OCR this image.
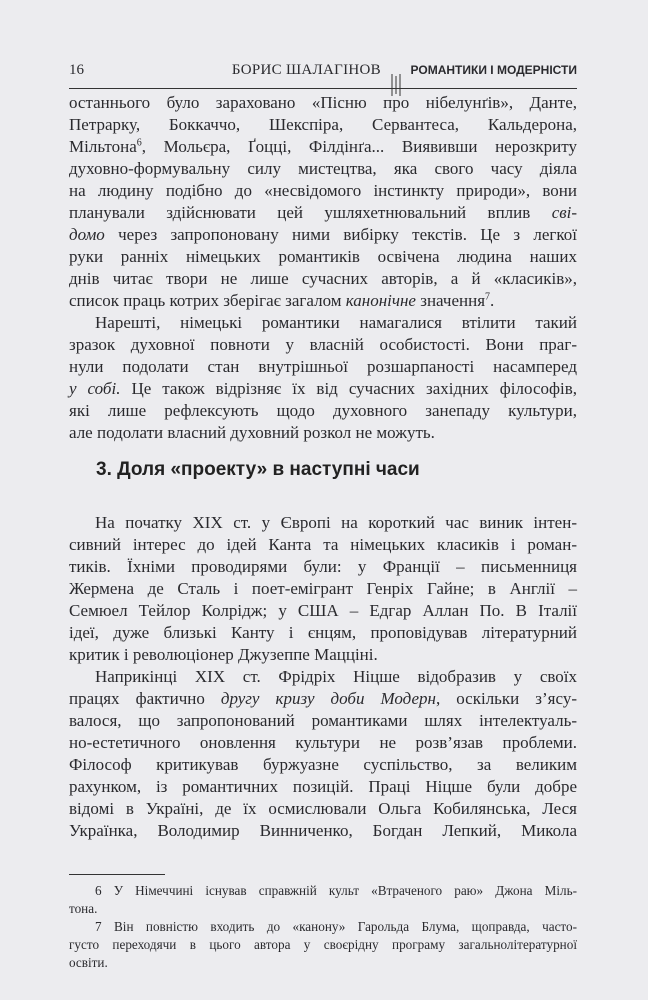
16	БОРИС ШАЛАГІНОВ РОМАНТИКИ І МОДЕРНІСТИ
останнього було зараховано «Пісню про нібелунґів», Данте,
Петрарку, Боккаччо, Шекспіра, Сервантеса, Кальдерона,
Мільтона$^6$, Мольєра, Ґоцці, Філдінґа... Виявивши нерозкриту
духовно-формувальну силу мистецтва, яка свого часу діяла
на людину подібно до «несвідомого інстинкту природи», вони
планували здійснювати цей ушляхетнювальний вплив сві-
домо через запропоновану ними вибірку текстів. Це з легкої
руки ранніх німецьких романтиків освічена людина наших
днів читає твори не лише сучасних авторів, а й «класиків»,
список праць котрих зберігає загалом канонічне значення$^7$.
Нарешті, німецькі романтики намагалися втілити такий
зразок духовної повноти у власній особистості. Вони праг-
нули подолати стан внутрішньої розшарпаності насамперед
у собі. Це також відрізняє їх від сучасних західних філософів,
які лише рефлексують щодо духовного занепаду культури,
але подолати власний духовний розкол не можуть.
3. Доля «проекту» в наступні часи
На початку XIX ст. у Європі на короткий час виник інтен-
сивний інтерес до ідей Канта та німецьких класиків і роман-
тиків. Їхніми проводирями були: у Франції – письменниця
Жермена де Сталь і поет-емігрант Генріх Гайне; в Англії –
Семюел Тейлор Колрідж; у США – Едгар Аллан По. В Італії
ідеї, дуже близькі Канту і єнцям, проповідував літературний
критик і революціонер Джузеппе Мацціні.
Наприкінці XIX ст. Фрідріх Ніцше відобразив у своїх
працях фактично другу кризу доби Модерн, оскільки з’ясу-
валося, що запропонований романтиками шлях інтелектуаль-
но-естетичного оновлення культури не розв’язав проблеми.
Філософ критикував буржуазне суспільство, за великим
рахунком, із романтичних позицій. Праці Ніцше були добре
відомі в Україні, де їх осмислювали Ольга Кобилянська, Леся
Українка, Володимир Винниченко, Богдан Лепкий, Микола
6 У Німеччині існував справжній культ «Втраченого раю» Джона Міль-
тона.
7 Він повністю входить до «канону» Гарольда Блума, щоправда, часто-
густо переходячи в цього автора у своєрідну програму загальнолітературної
освіти.
